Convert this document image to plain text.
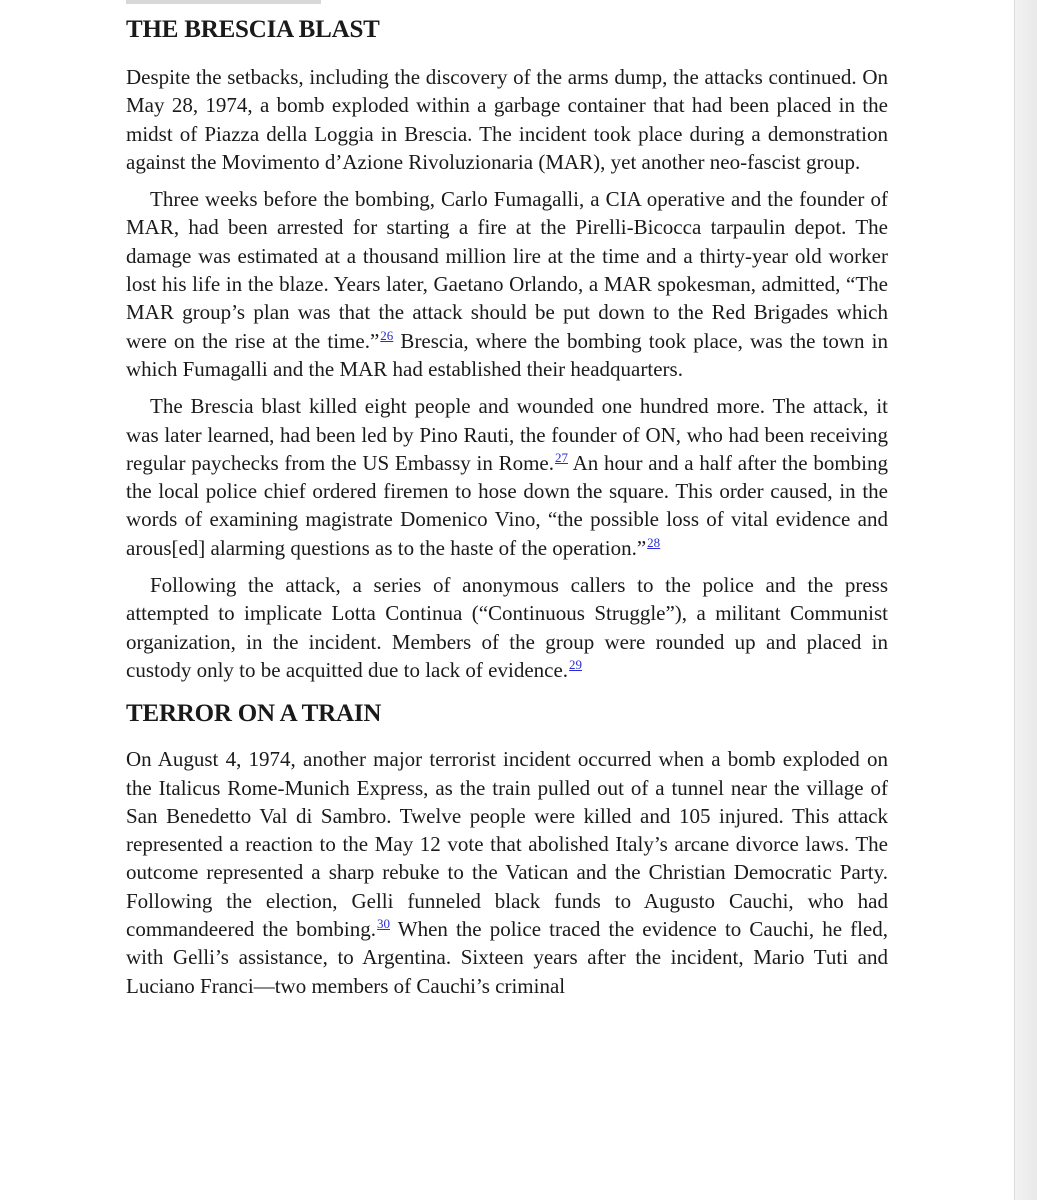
THE BRESCIA BLAST

Despite the setbacks, including the discovery of the arms dump, the attacks continued. On May 28, 1974, a bomb exploded within a garbage container that had been placed in the midst of Piazza della Loggia in Brescia. The incident took place during a demonstration against the Movimento d’Azione Rivoluzionaria (MAR), yet another neo-fascist group.

Three weeks before the bombing, Carlo Fumagalli, a CIA operative and the founder of MAR, had been arrested for starting a fire at the Pirelli-Bicocca tarpaulin depot. The damage was estimated at a thousand million lire at the time and a thirty-year old worker lost his life in the blaze. Years later, Gaetano Orlando, a MAR spokesman, admitted, “The MAR group’s plan was that the attack should be put down to the Red Brigades which were on the rise at the time.”$^{26}$ Brescia, where the bombing took place, was the town in which Fumagalli and the MAR had established their headquarters.

The Brescia blast killed eight people and wounded one hundred more. The attack, it was later learned, had been led by Pino Rauti, the founder of ON, who had been receiving regular paychecks from the US Embassy in Rome.$^{27}$ An hour and a half after the bombing the local police chief ordered firemen to hose down the square. This order caused, in the words of examining magistrate Domenico Vino, “the possible loss of vital evidence and arous[ed] alarming questions as to the haste of the operation.”$^{28}$

Following the attack, a series of anonymous callers to the police and the press attempted to implicate Lotta Continua (“Continuous Struggle”), a militant Communist organization, in the incident. Members of the group were rounded up and placed in custody only to be acquitted due to lack of evidence.$^{29}$

TERROR ON A TRAIN

On August 4, 1974, another major terrorist incident occurred when a bomb exploded on the Italicus Rome-Munich Express, as the train pulled out of a tunnel near the village of San Benedetto Val di Sambro. Twelve people were killed and 105 injured. This attack represented a reaction to the May 12 vote that abolished Italy’s arcane divorce laws. The outcome represented a sharp rebuke to the Vatican and the Christian Democratic Party. Following the election, Gelli funneled black funds to Augusto Cauchi, who had commandeered the bombing.$^{30}$ When the police traced the evidence to Cauchi, he fled, with Gelli’s assistance, to Argentina. Sixteen years after the incident, Mario Tuti and Luciano Franci—two members of Cauchi’s criminal
